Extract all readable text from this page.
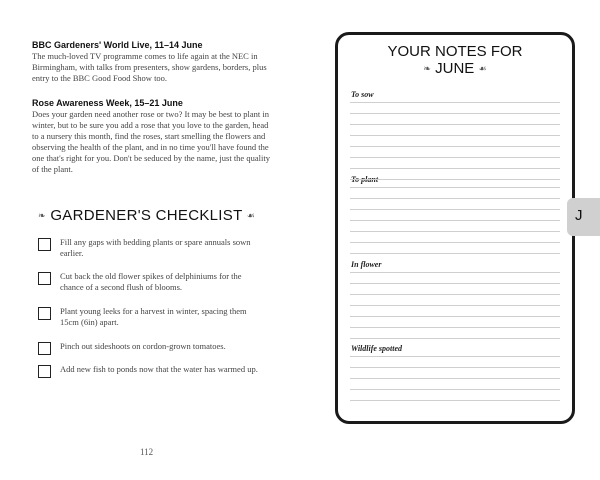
BBC Gardeners' World Live, 11–14 June

The much-loved TV programme comes to life again at the NEC in Birmingham, with talks from presenters, show gardens, borders, plus entry to the BBC Good Food Show too.

Rose Awareness Week, 15–21 June

Does your garden need another rose or two? It may be best to plant in winter, but to be sure you add a rose that you love to the garden, head to a nursery this month, find the roses, start smelling the flowers and observing the health of the plant, and in no time you'll have found the one that's right for you. Don't be seduced by the name, just the quality of the plant.

❧ GARDENER'S CHECKLIST ☙
Fill any gaps with bedding plants or spare annuals sown earlier.
Cut back the old flower spikes of delphiniums for the chance of a second flush of blooms.
Plant young leeks for a harvest in winter, spacing them 15cm (6in) apart.
Pinch out sideshoots on cordon-grown tomatoes.
Add new fish to ponds now that the water has warmed up.
112
YOUR NOTES FOR
❧ JUNE ☙
To sow
In flower
Wildlife spotted
J
